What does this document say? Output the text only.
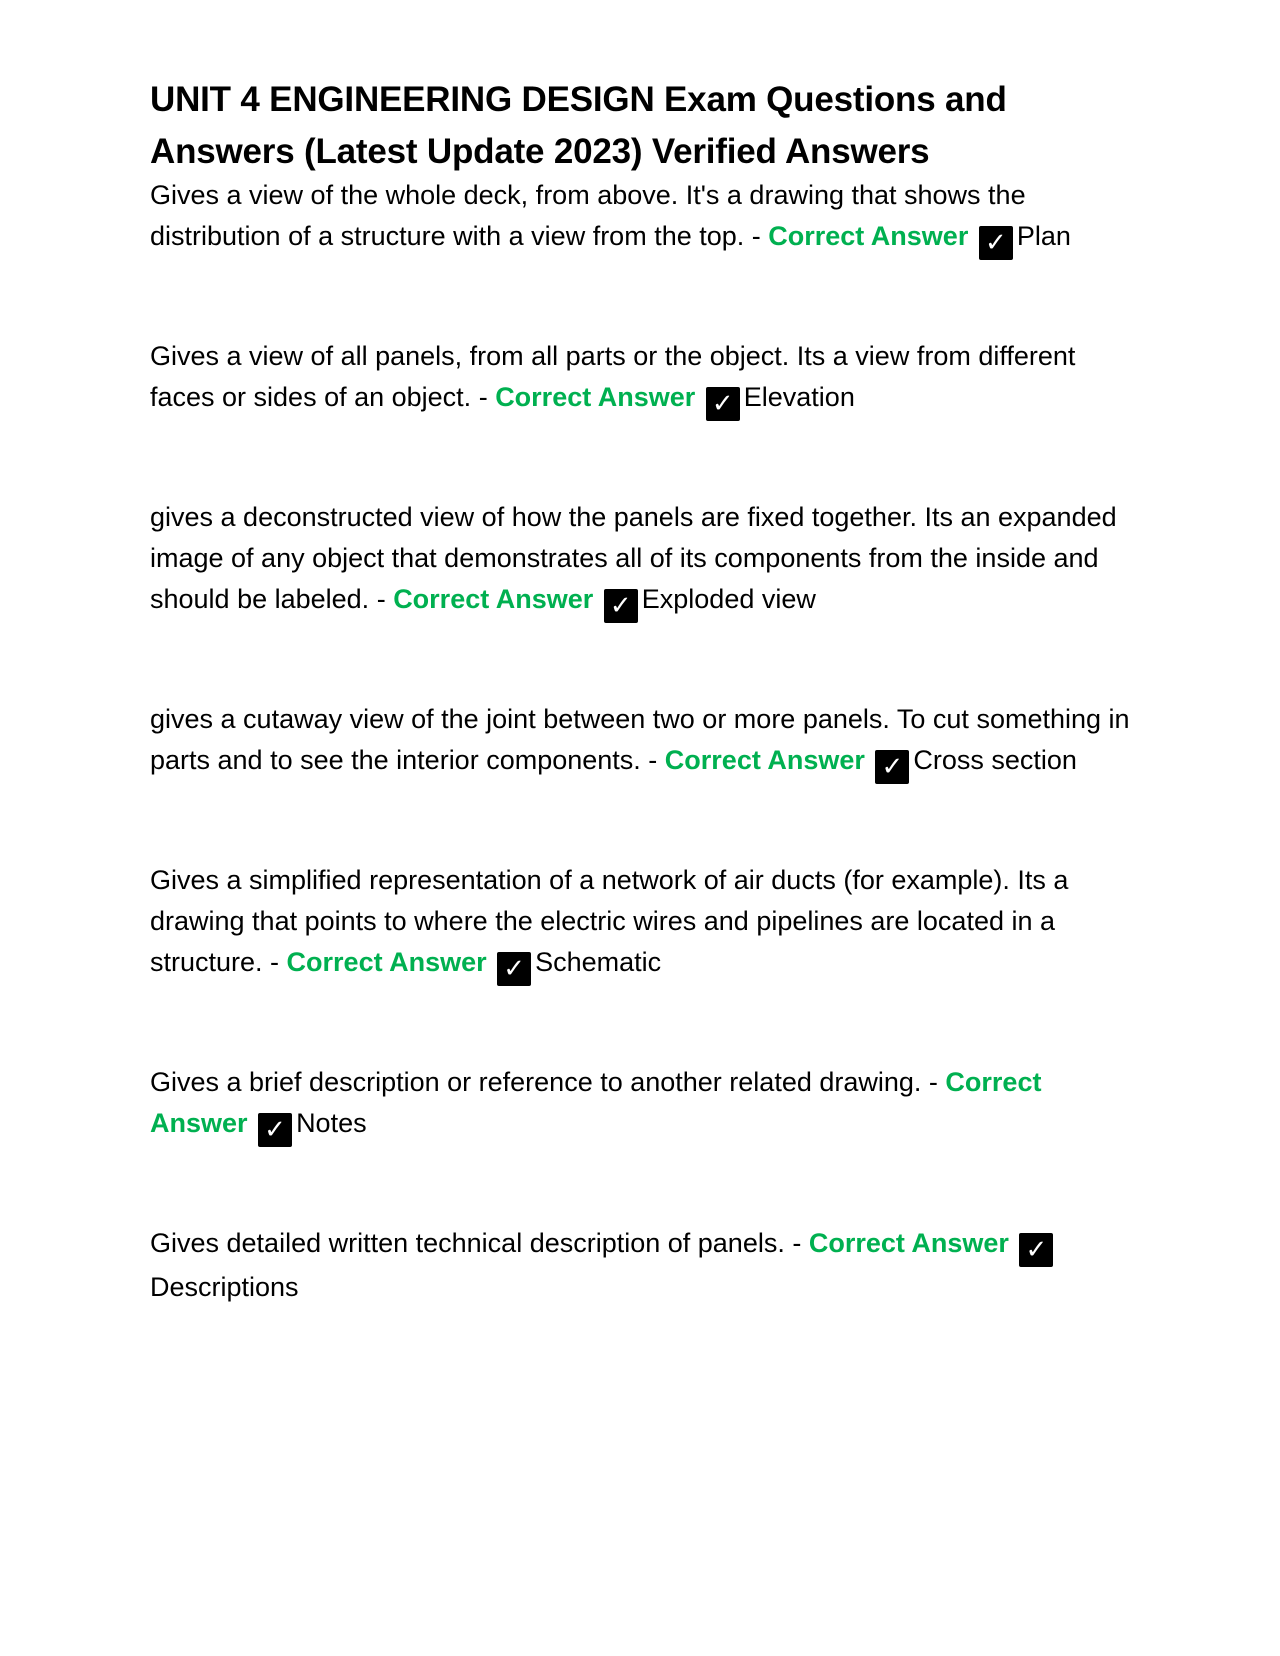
UNIT 4 ENGINEERING DESIGN Exam Questions and Answers (Latest Update 2023) Verified Answers

Gives a view of the whole deck, from above. It's a drawing that shows the distribution of a structure with a view from the top. - Correct Answer ✓ Plan

Gives a view of all panels, from all parts or the object. Its a view from different faces or sides of an object. - Correct Answer ✓ Elevation

gives a deconstructed view of how the panels are fixed together. Its an expanded image of any object that demonstrates all of its components from the inside and should be labeled. - Correct Answer ✓ Exploded view

gives a cutaway view of the joint between two or more panels. To cut something in parts and to see the interior components. - Correct Answer ✓ Cross section

Gives a simplified representation of a network of air ducts (for example). Its a drawing that points to where the electric wires and pipelines are located in a structure. - Correct Answer ✓ Schematic

Gives a brief description or reference to another related drawing. - Correct Answer ✓ Notes

Gives detailed written technical description of panels. - Correct Answer ✓Descriptions
